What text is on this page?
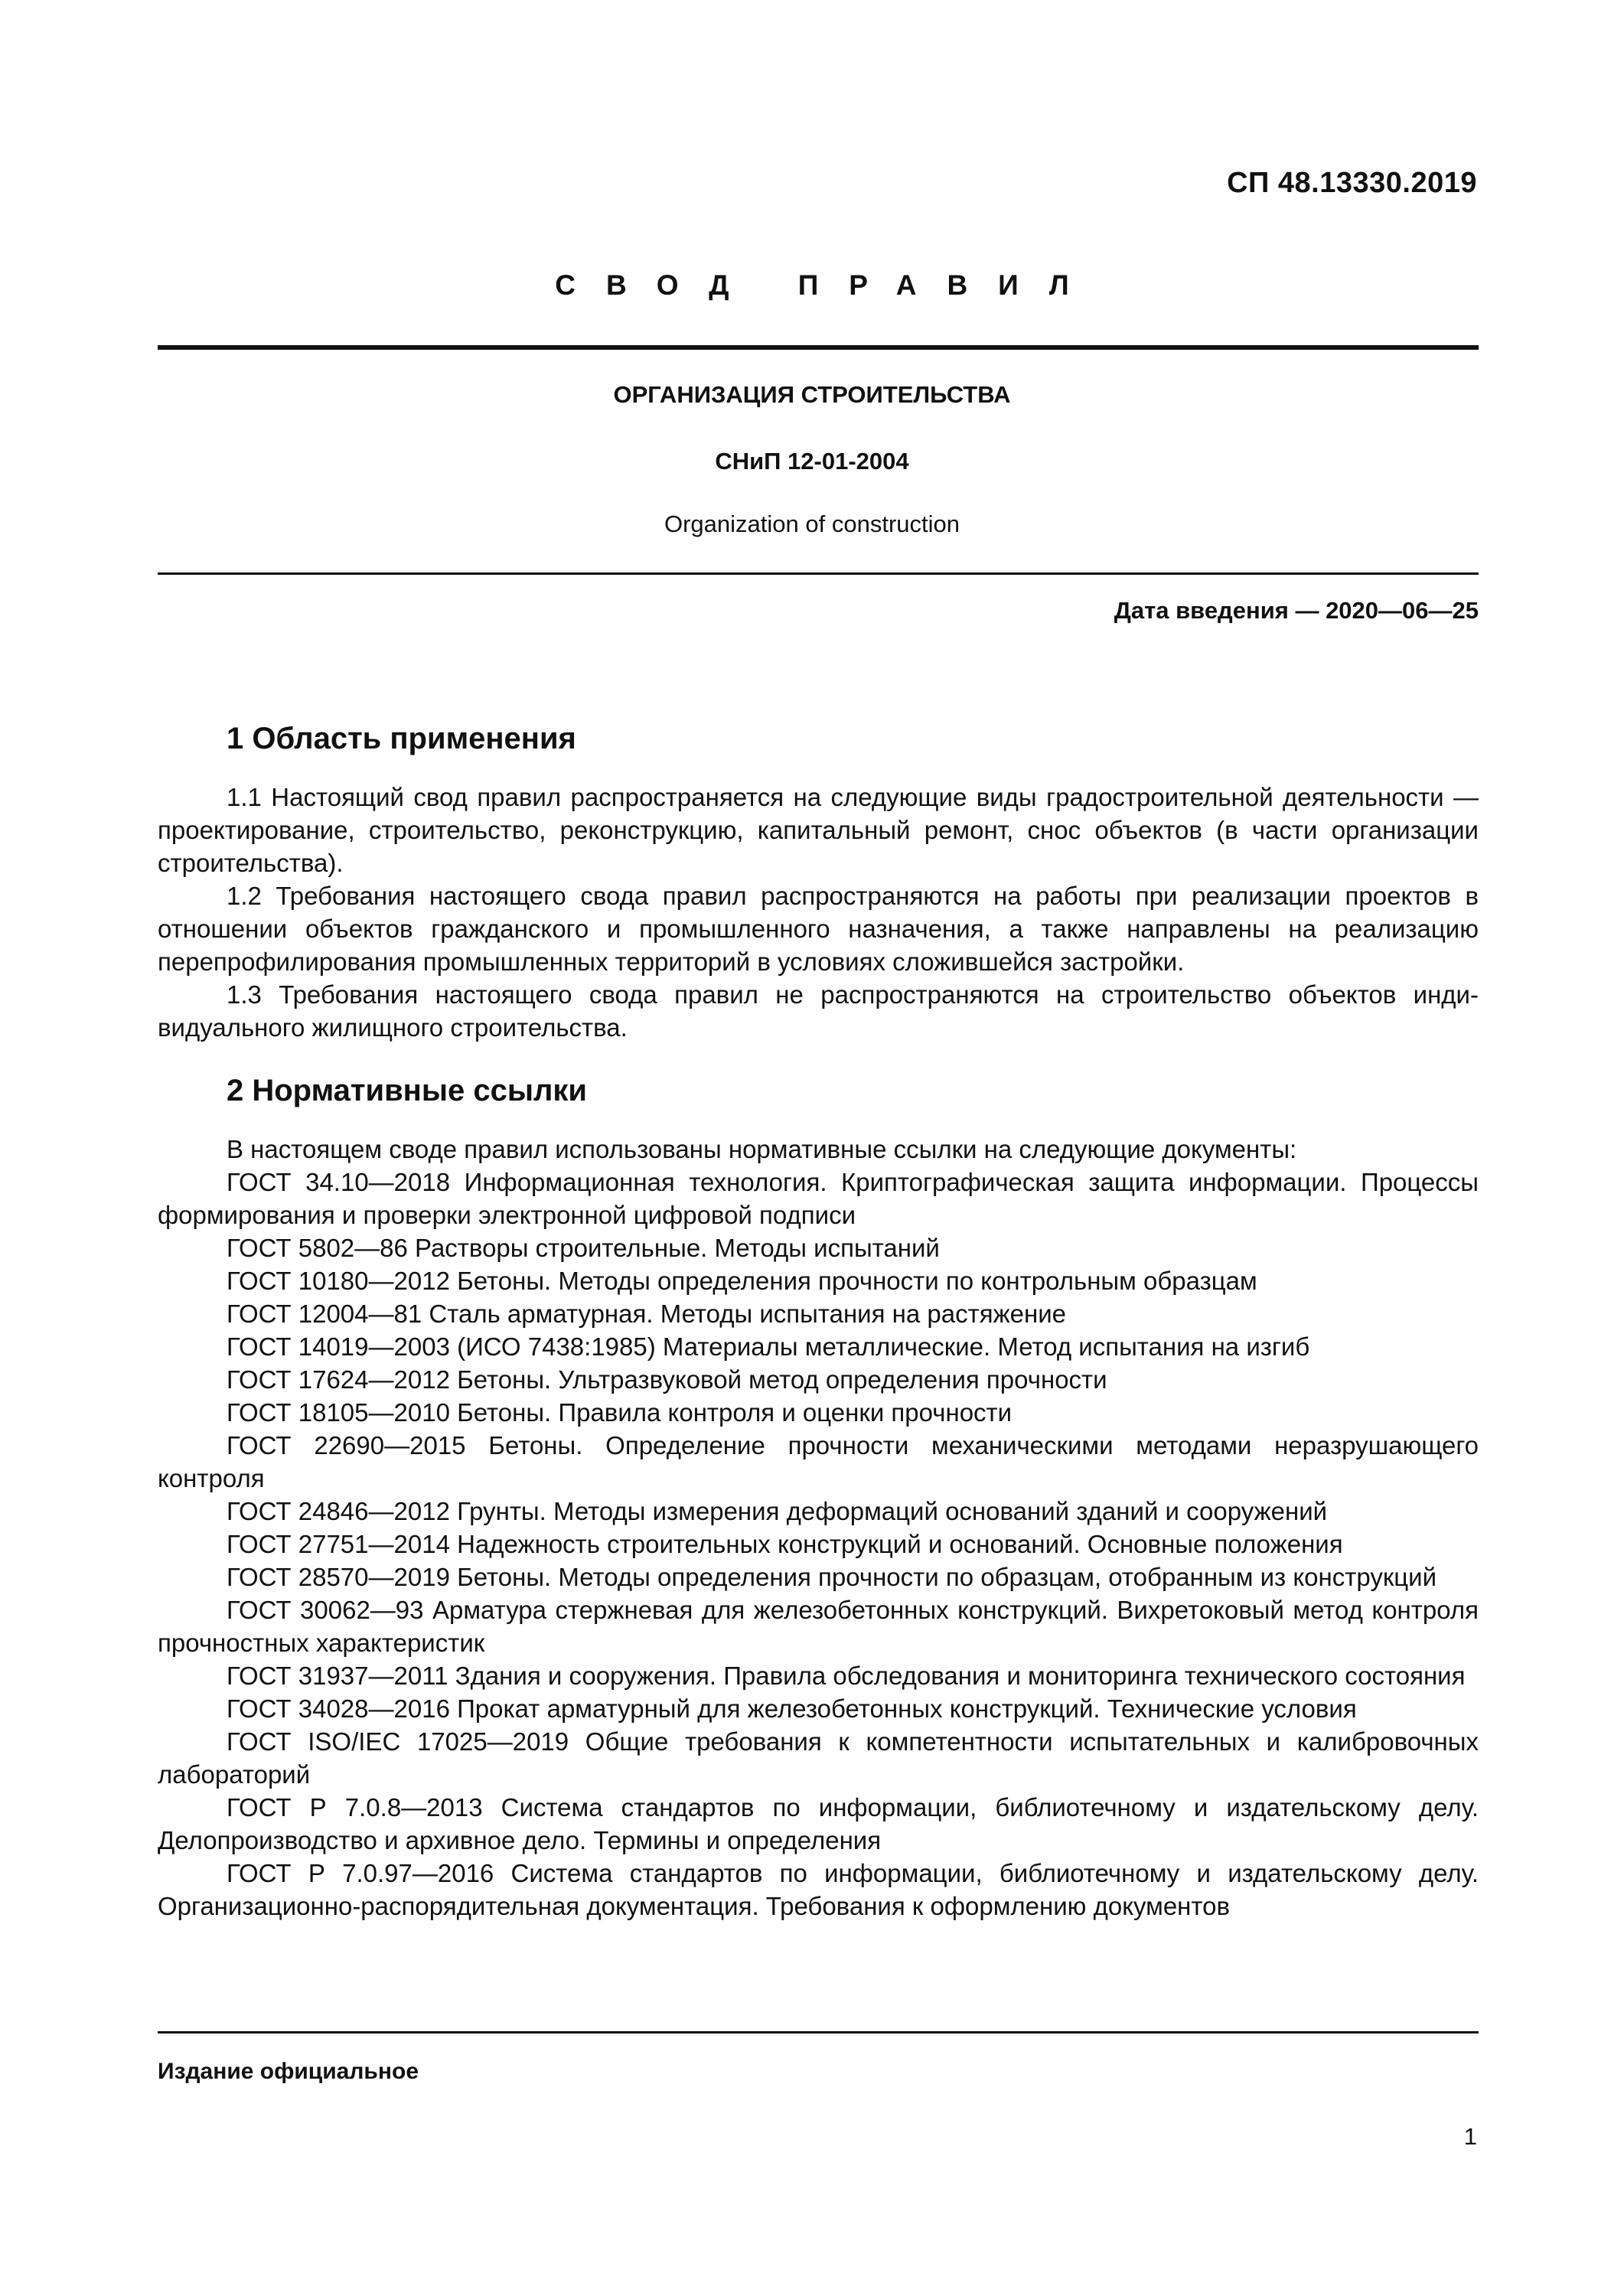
СП 48.13330.2019
СВОД ПРАВИЛ
ОРГАНИЗАЦИЯ СТРОИТЕЛЬСТВА
СНиП 12-01-2004
Organization of construction
Дата введения — 2020—06—25
1 Область применения

1.1 Настоящий свод правил распространяется на следующие виды градостроительной деятельности — проектирование, строительство, реконструкцию, капитальный ремонт, снос объектов (в части организации строительства).

1.2 Требования настоящего свода правил распространяются на работы при реализации проектов в отношении объектов гражданского и промышленного назначения, а также направлены на реализацию перепрофилирования промышленных территорий в условиях сложившейся застройки.

1.3 Требования настоящего свода правил не распространяются на строительство объектов индивидуального жилищного строительства.

2 Нормативные ссылки

В настоящем своде правил использованы нормативные ссылки на следующие документы:

ГОСТ 34.10—2018 Информационная технология. Криптографическая защита информации. Процессы формирования и проверки электронной цифровой подписи

ГОСТ 5802—86 Растворы строительные. Методы испытаний

ГОСТ 10180—2012 Бетоны. Методы определения прочности по контрольным образцам

ГОСТ 12004—81 Сталь арматурная. Методы испытания на растяжение

ГОСТ 14019—2003 (ИСО 7438:1985) Материалы металлические. Метод испытания на изгиб

ГОСТ 17624—2012 Бетоны. Ультразвуковой метод определения прочности

ГОСТ 18105—2010 Бетоны. Правила контроля и оценки прочности

ГОСТ 22690—2015 Бетоны. Определение прочности механическими методами неразрушающего контроля

ГОСТ 24846—2012 Грунты. Методы измерения деформаций оснований зданий и сооружений

ГОСТ 27751—2014 Надежность строительных конструкций и оснований. Основные положения

ГОСТ 28570—2019 Бетоны. Методы определения прочности по образцам, отобранным из конструкций

ГОСТ 30062—93 Арматура стержневая для железобетонных конструкций. Вихретоковый метод контроля прочностных характеристик

ГОСТ 31937—2011 Здания и сооружения. Правила обследования и мониторинга технического состояния

ГОСТ 34028—2016 Прокат арматурный для железобетонных конструкций. Технические условия

ГОСТ ISO/IEC 17025—2019 Общие требования к компетентности испытательных и калибровочных лабораторий

ГОСТ Р 7.0.8—2013 Система стандартов по информации, библиотечному и издательскому делу. Делопроизводство и архивное дело. Термины и определения

ГОСТ Р 7.0.97—2016 Система стандартов по информации, библиотечному и издательскому делу. Организационно-распорядительная документация. Требования к оформлению документов

Издание официальное
1
